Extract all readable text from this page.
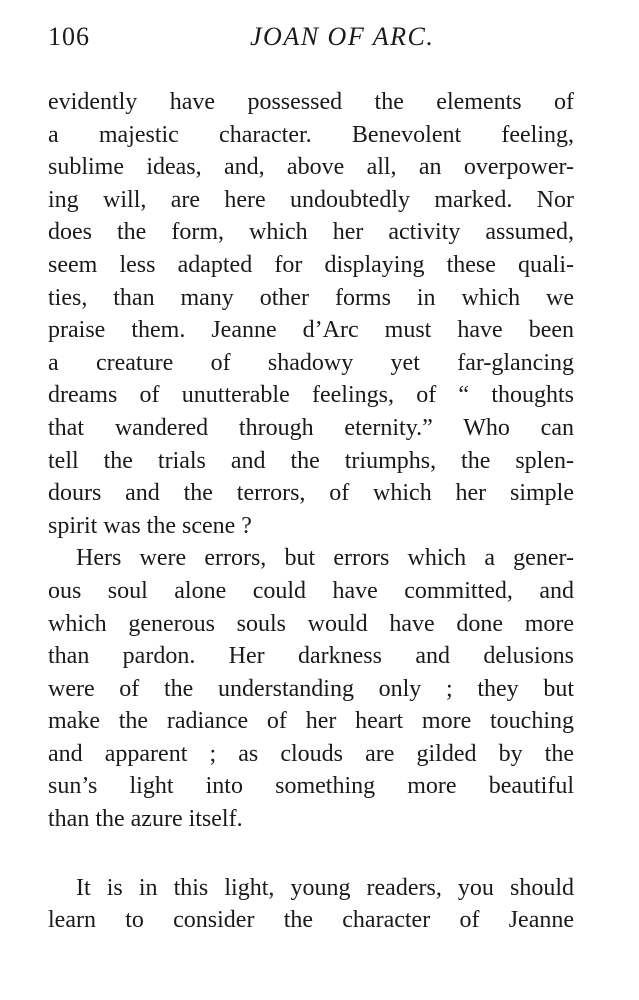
106	JOAN OF ARC.
evidently have possessed the elements of
a majestic character. Benevolent feeling,
sublime ideas, and, above all, an overpower-
ing will, are here undoubtedly marked. Nor
does the form, which her activity assumed,
seem less adapted for displaying these quali-
ties, than many other forms in which we
praise them. Jeanne d’Arc must have been
a creature of shadowy yet far-glancing
dreams of unutterable feelings, of “ thoughts
that wandered through eternity.” Who can
tell the trials and the triumphs, the splen-
dours and the terrors, of which her simple
spirit was the scene ?
Hers were errors, but errors which a gener-
ous soul alone could have committed, and
which generous souls would have done more
than pardon. Her darkness and delusions
were of the understanding only ; they but
make the radiance of her heart more touching
and apparent ; as clouds are gilded by the
sun’s light into something more beautiful
than the azure itself.
It is in this light, young readers, you should
learn to consider the character of Jeanne
